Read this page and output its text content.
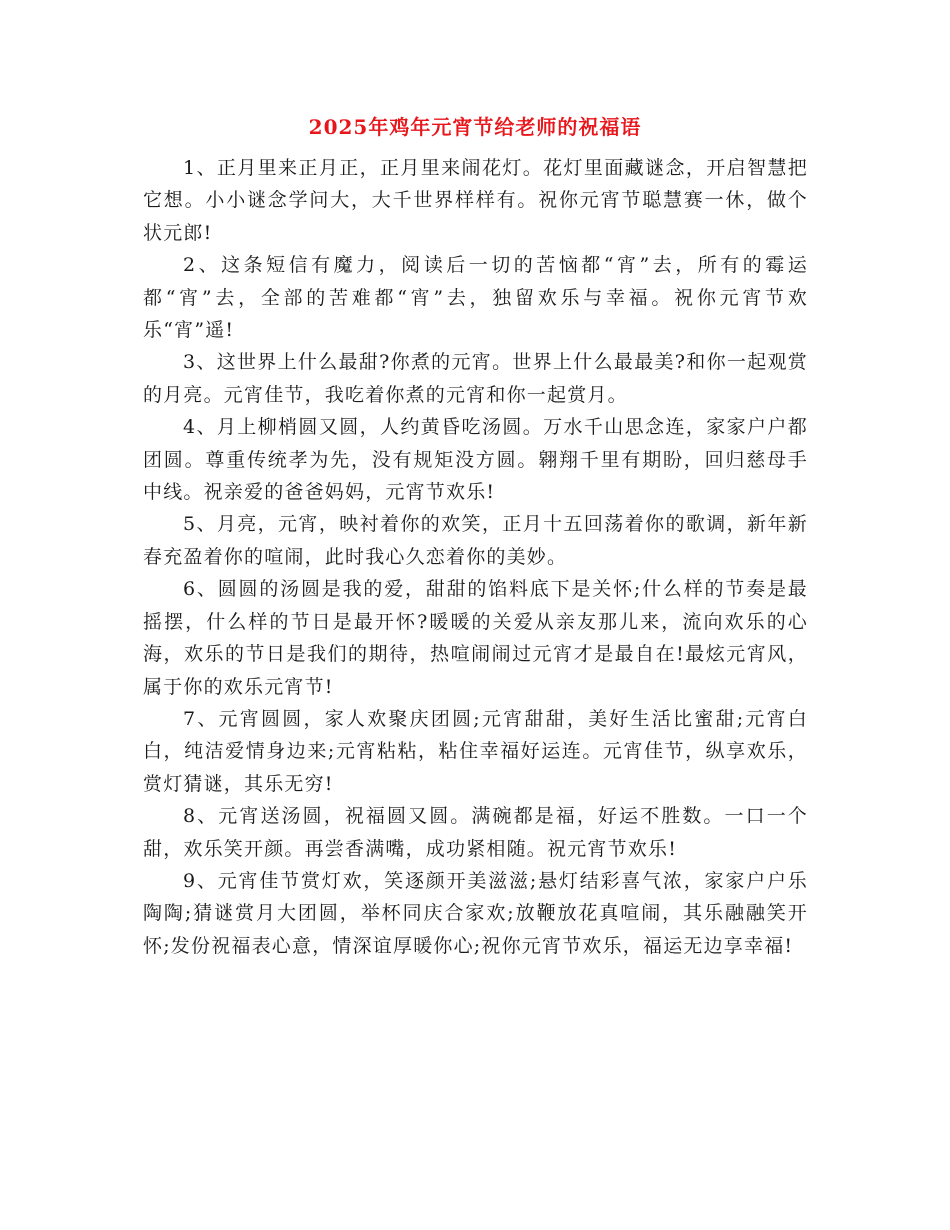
2025年鸡年元宵节给老师的祝福语

1、正月里来正月正，正月里来闹花灯。花灯里面藏谜念，开启智慧把它想。小小谜念学问大，大千世界样样有。祝你元宵节聪慧赛一休，做个状元郎!

2、这条短信有魔力，阅读后一切的苦恼都“宵”去，所有的霉运都“宵”去，全部的苦难都“宵”去，独留欢乐与幸福。祝你元宵节欢乐“宵”遥!

3、这世界上什么最甜?你煮的元宵。世界上什么最最美?和你一起观赏的月亮。元宵佳节，我吃着你煮的元宵和你一起赏月。

4、月上柳梢圆又圆，人约黄昏吃汤圆。万水千山思念连，家家户户都团圆。尊重传统孝为先，没有规矩没方圆。翱翔千里有期盼，回归慈母手中线。祝亲爱的爸爸妈妈，元宵节欢乐!

5、月亮，元宵，映衬着你的欢笑，正月十五回荡着你的歌调，新年新春充盈着你的喧闹，此时我心久恋着你的美妙。

6、圆圆的汤圆是我的爱，甜甜的馅料底下是关怀;什么样的节奏是最摇摆，什么样的节日是最开怀?暖暖的关爱从亲友那儿来，流向欢乐的心海，欢乐的节日是我们的期待，热喧闹闹过元宵才是最自在!最炫元宵风，属于你的欢乐元宵节!

7、元宵圆圆，家人欢聚庆团圆;元宵甜甜，美好生活比蜜甜;元宵白白，纯洁爱情身边来;元宵粘粘，粘住幸福好运连。元宵佳节，纵享欢乐，赏灯猜谜，其乐无穷!

8、元宵送汤圆，祝福圆又圆。满碗都是福，好运不胜数。一口一个甜，欢乐笑开颜。再尝香满嘴，成功紧相随。祝元宵节欢乐!

9、元宵佳节赏灯欢，笑逐颜开美滋滋;悬灯结彩喜气浓，家家户户乐陶陶;猜谜赏月大团圆，举杯同庆合家欢;放鞭放花真喧闹，其乐融融笑开怀;发份祝福表心意，情深谊厚暖你心;祝你元宵节欢乐，福运无边享幸福!
